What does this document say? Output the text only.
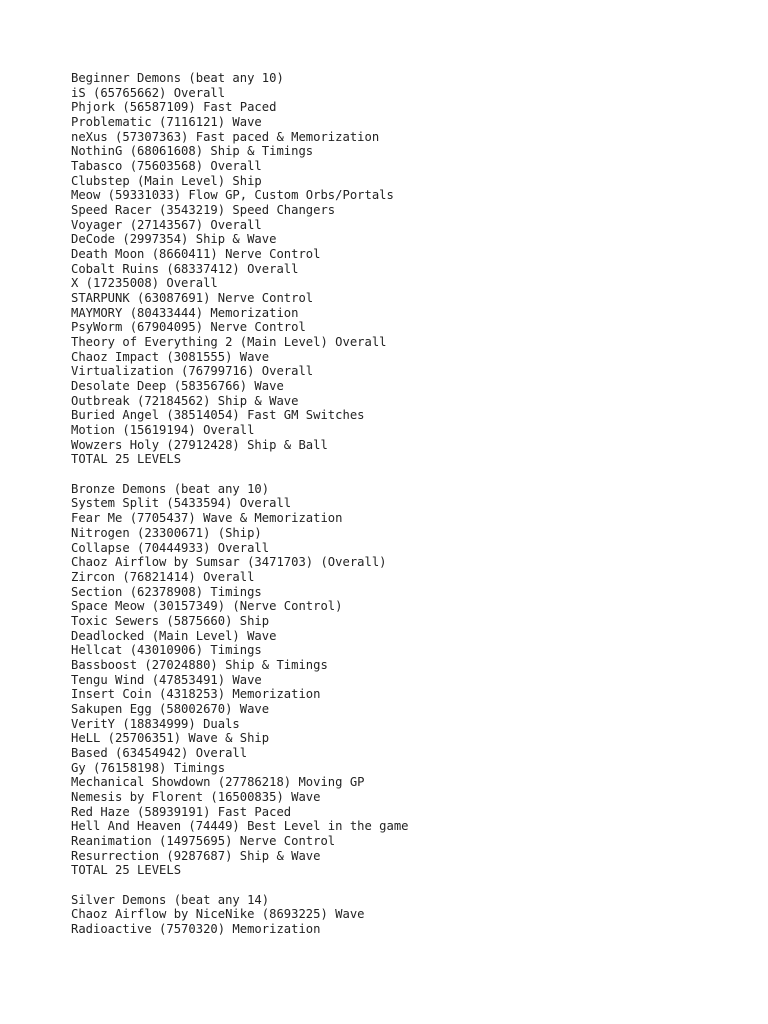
Beginner Demons (beat any 10)
iS (65765662) Overall
Phjork (56587109) Fast Paced
Problematic (7116121) Wave
neXus (57307363) Fast paced & Memorization
NothinG (68061608) Ship & Timings
Tabasco (75603568) Overall
Clubstep (Main Level) Ship
Meow (59331033) Flow GP, Custom Orbs/Portals
Speed Racer (3543219) Speed Changers
Voyager (27143567) Overall
DeCode (2997354) Ship & Wave
Death Moon (8660411) Nerve Control
Cobalt Ruins (68337412) Overall
X (17235008) Overall
STARPUNK (63087691) Nerve Control
MAYMORY (80433444) Memorization
PsyWorm (67904095) Nerve Control
Theory of Everything 2 (Main Level) Overall
Chaoz Impact (3081555) Wave
Virtualization (76799716) Overall
Desolate Deep (58356766) Wave
Outbreak (72184562) Ship & Wave
Buried Angel (38514054) Fast GM Switches
Motion (15619194) Overall
Wowzers Holy (27912428) Ship & Ball
TOTAL 25 LEVELS
Bronze Demons (beat any 10)
System Split (5433594) Overall
Fear Me (7705437) Wave & Memorization
Nitrogen (23300671) (Ship)
Collapse (70444933) Overall
Chaoz Airflow by Sumsar (3471703) (Overall)
Zircon (76821414) Overall
Section (62378908) Timings
Space Meow (30157349) (Nerve Control)
Toxic Sewers (5875660) Ship
Deadlocked (Main Level) Wave
Hellcat (43010906) Timings
Bassboost (27024880) Ship & Timings
Tengu Wind (47853491) Wave
Insert Coin (4318253) Memorization
Sakupen Egg (58002670) Wave
VeritY (18834999) Duals
HeLL (25706351) Wave & Ship
Based (63454942) Overall
Gy (76158198) Timings
Mechanical Showdown (27786218) Moving GP
Nemesis by Florent (16500835) Wave
Red Haze (58939191) Fast Paced
Hell And Heaven (74449) Best Level in the game
Reanimation (14975695) Nerve Control
Resurrection (9287687) Ship & Wave
TOTAL 25 LEVELS
Silver Demons (beat any 14)
Chaoz Airflow by NiceNike (8693225) Wave
Radioactive (7570320) Memorization
